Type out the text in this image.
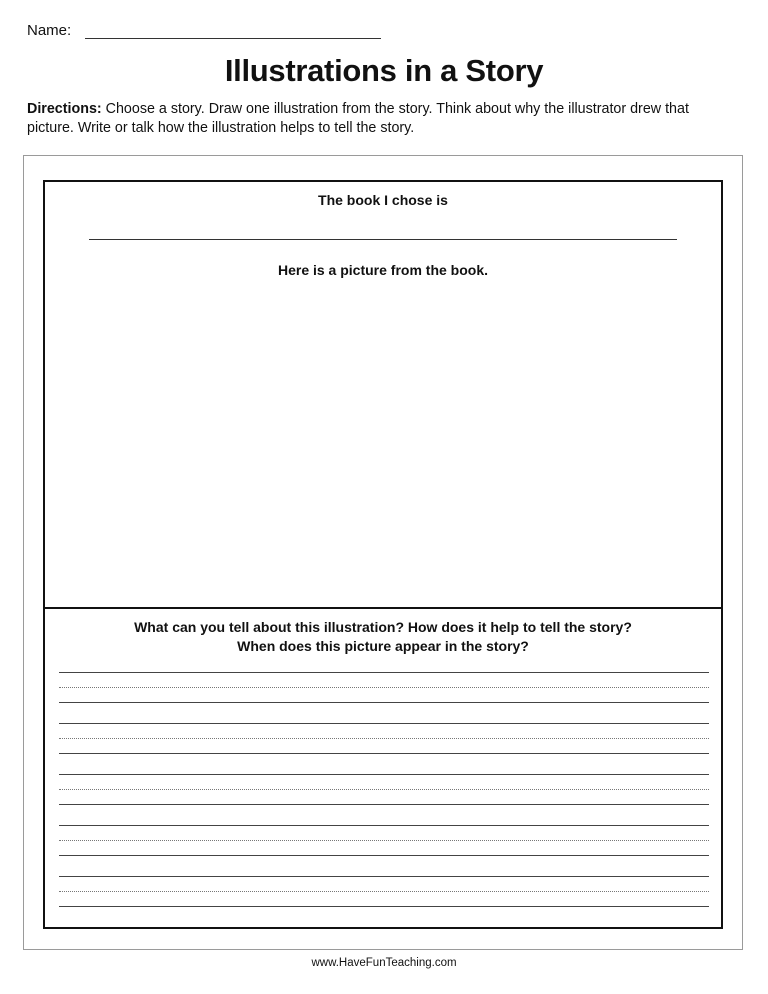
Name:
Illustrations in a Story
Directions: Choose a story. Draw one illustration from the story. Think about why the illustrator drew that picture. Write or talk how the illustration helps to tell the story.
The book I chose is
Here is a picture from the book.
What can you tell about this illustration? How does it help to tell the story?
When does this picture appear in the story?
www.HaveFunTeaching.com
